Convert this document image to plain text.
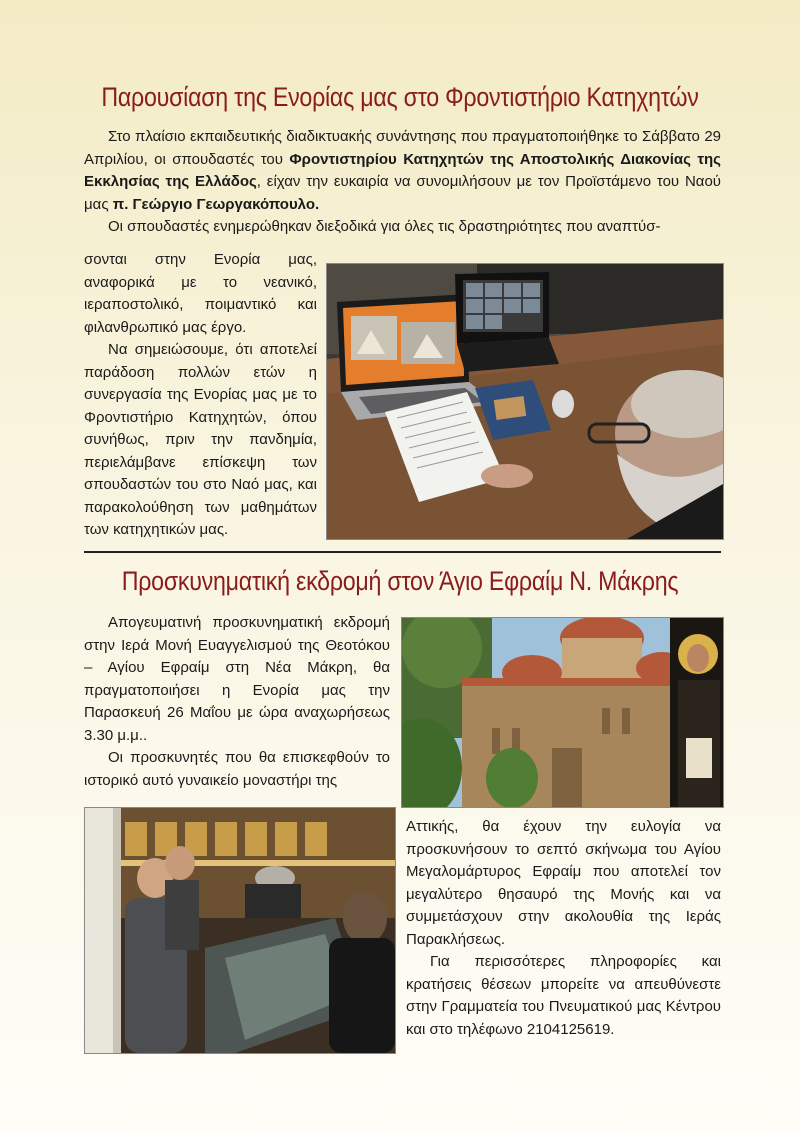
Παρουσίαση της Ενορίας μας στο Φροντιστήριο Κατηχητών

Στο πλαίσιο εκπαιδευτικής διαδικτυακής συνάντησης που πραγματοποιήθηκε το Σάββατο 29 Απριλίου, οι σπουδαστές του Φροντιστηρίου Κατηχητών της Αποστολικής Διακονίας της Εκκλησίας της Ελλάδος, είχαν την ευκαιρία να συνομιλήσουν με τον Προϊστάμενο του Ναού μας π. Γεώργιο Γεωργακόπουλο.

Οι σπουδαστές ενημερώθηκαν διεξοδικά για όλες τις δραστηριότητες που αναπτύσ-

σονται στην Ενορία μας, αναφορικά με το νεανικό, ιεραποστολικό, ποιμαντικό και φιλανθρωπικό μας έργο.

Να σημειώσουμε, ότι αποτελεί παράδοση πολλών ετών η συνεργασία της Ενορίας μας με το Φροντιστήριο Κατηχητών, όπου συνήθως, πριν την πανδημία, περιελάμβανε επίσκεψη των σπουδαστών του στο Ναό μας, και παρακολούθηση των μαθημάτων των κατηχητικών μας.

Προσκυνηματική εκδρομή στον Άγιο Εφραίμ Ν. Μάκρης

Απογευματινή προσκυνηματική εκδρομή στην Ιερά Μονή Ευαγγελισμού της Θεοτόκου – Αγίου Εφραίμ στη Νέα Μάκρη, θα πραγματοποιήσει η Ενορία μας την Παρασκευή 26 Μαΐου με ώρα αναχωρήσεως 3.30 μ.μ..

Οι προσκυνητές που θα επισκεφθούν το ιστορικό αυτό γυναικείο μοναστήρι της

Αττικής, θα έχουν την ευλογία να προσκυνήσουν το σεπτό σκήνωμα του Αγίου Μεγαλομάρτυρος Εφραίμ που αποτελεί τον μεγαλύτερο θησαυρό της Μονής και να συμμετάσχουν στην ακολουθία της Ιεράς Παρακλήσεως.

Για περισσότερες πληροφορίες και κρατήσεις θέσεων μπορείτε να απευθύνεστε στην Γραμματεία του Πνευματικού μας Κέντρου και στο τηλέφωνο 2104125619.
